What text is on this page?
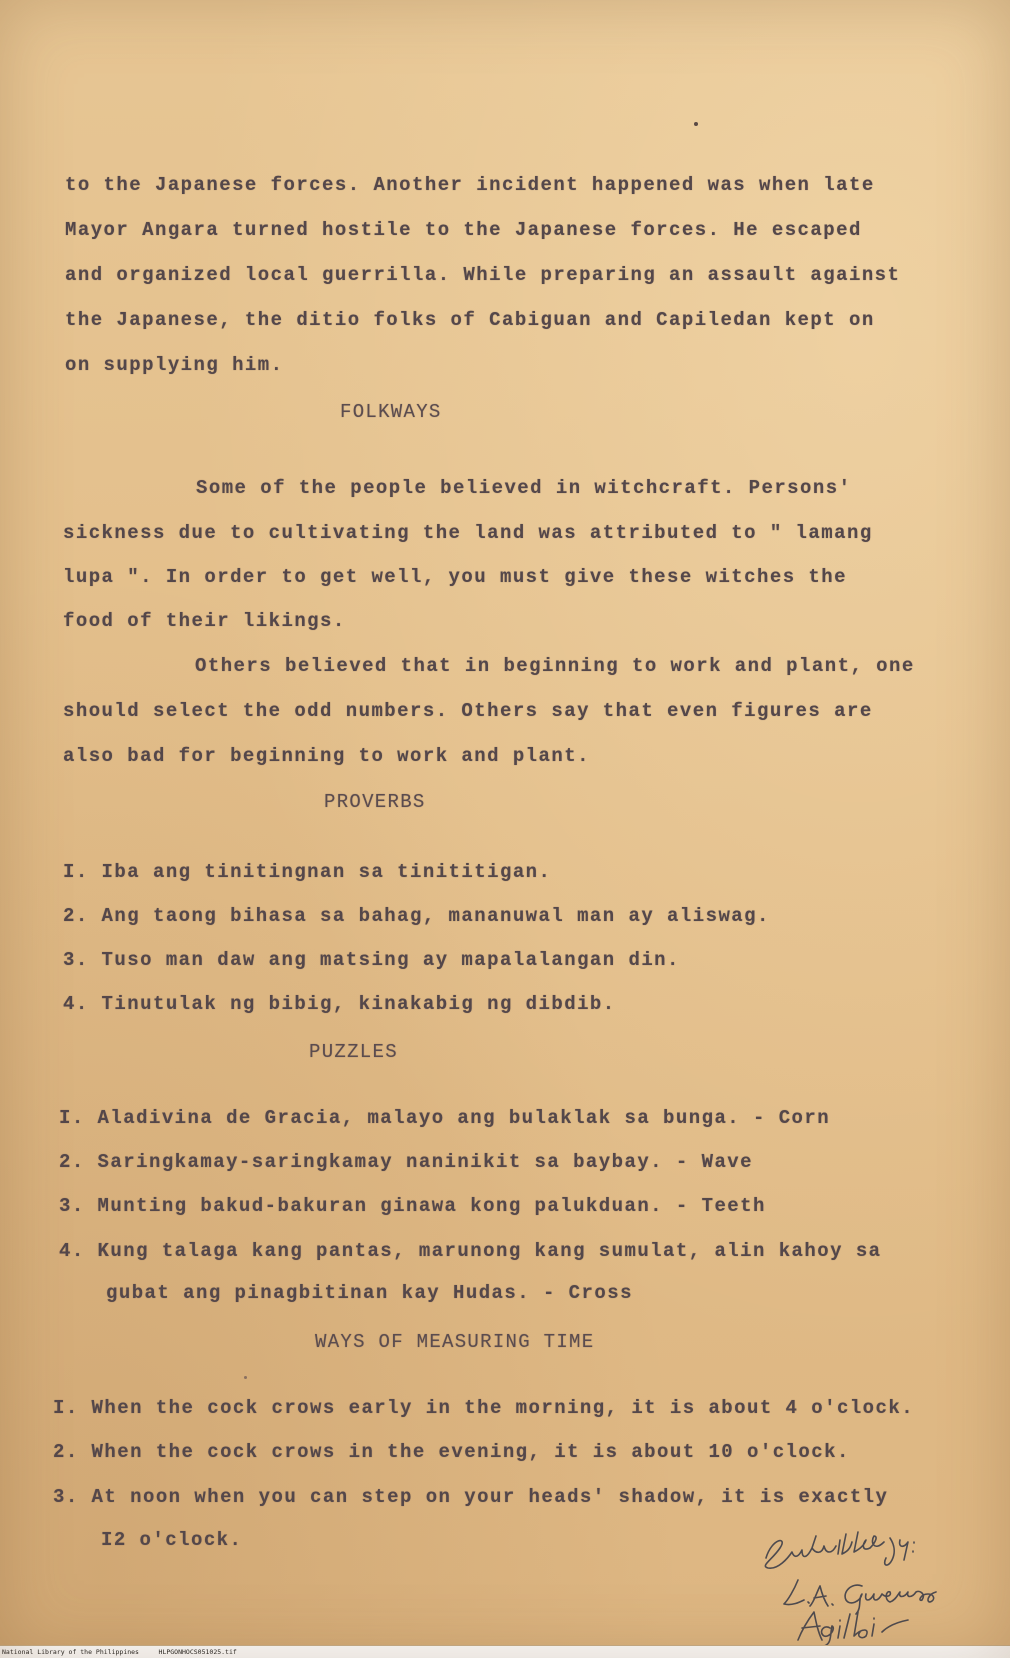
to the Japanese forces. Another incident happened was when late
Mayor Angara turned hostile to the Japanese forces. He escaped
and organized local guerrilla. While preparing an assault against
the Japanese, the ditio folks of Cabiguan and Capiledan kept on
on supplying him.
FOLKWAYS
Some of the people believed in witchcraft. Persons'
sickness due to cultivating the land was attributed to " lamang
lupa ". In order to get well, you must give these witches the
food of their likings.
Others believed that in beginning to work and plant, one
should select the odd numbers. Others say that even figures are
also bad for beginning to work and plant.
PROVERBS
I. Iba ang tinitingnan sa tinititigan.
2. Ang taong bihasa sa bahag, mananuwal man ay aliswag.
3. Tuso man daw ang matsing ay mapalalangan din.
4. Tinutulak ng bibig, kinakabig ng dibdib.
PUZZLES
I. Aladivina de Gracia, malayo ang bulaklak sa bunga. - Corn
2. Saringkamay-saringkamay naninikit sa baybay. - Wave
3. Munting bakud-bakuran ginawa kong palukduan. - Teeth
4. Kung talaga kang pantas, marunong kang sumulat, alin kahoy sa
gubat ang pinagbitinan kay Hudas. - Cross
WAYS OF MEASURING TIME
I. When the cock crows early in the morning, it is about 4 o'clock.
2. When the cock crows in the evening, it is about 10 o'clock.
3. At noon when you can step on your heads' shadow, it is exactly
I2 o'clock.
National Library of the Philippines     HLPGONHOCS051025.tif
